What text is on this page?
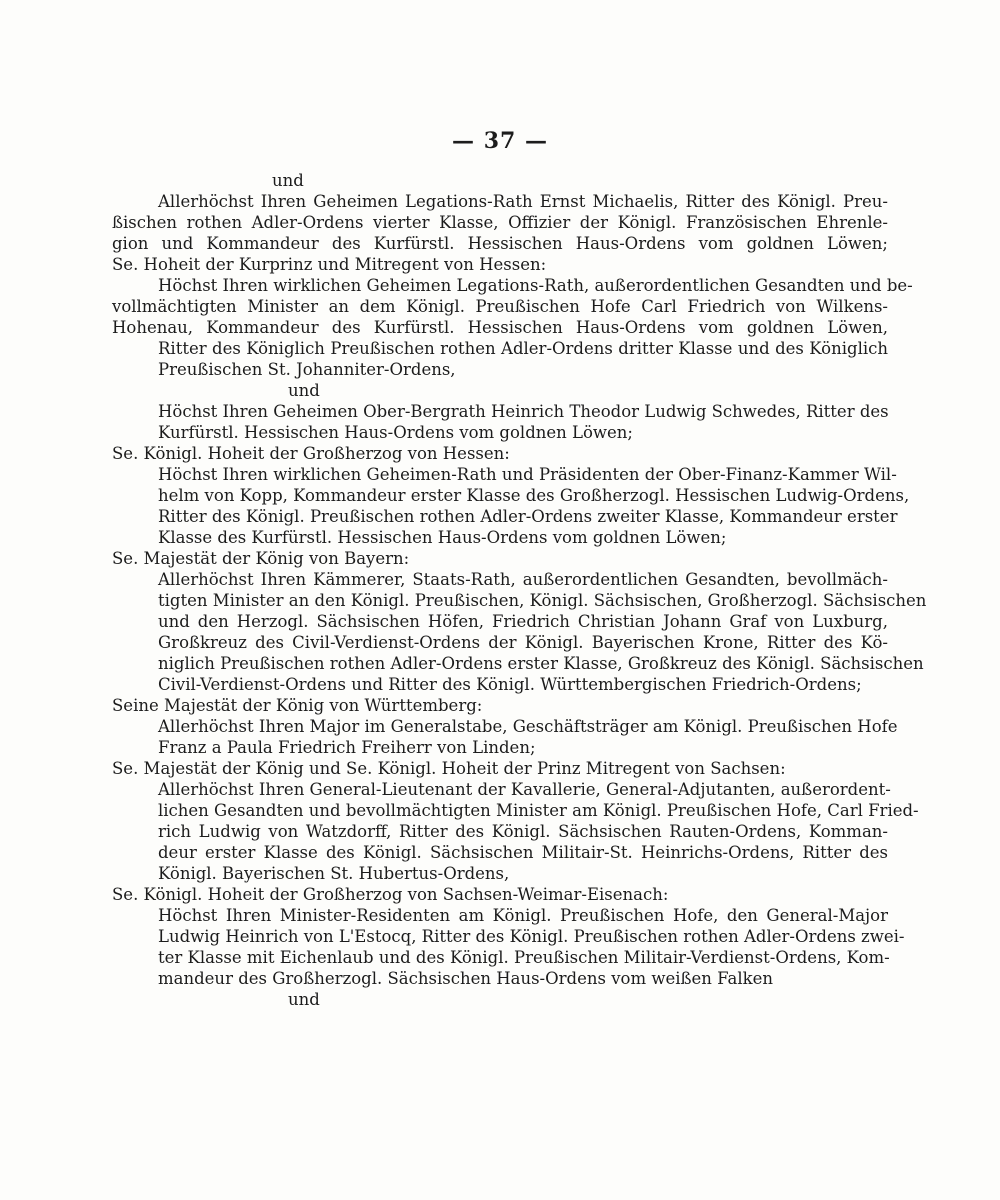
— 37 —
und
Allerhöchst Ihren Geheimen Legations-Rath Ernst Michaelis, Ritter des Königl. Preu-
ßischen rothen Adler-Ordens vierter Klasse, Offizier der Königl. Französischen Ehrenle-
gion und Kommandeur des Kurfürstl. Hessischen Haus-Ordens vom goldnen Löwen;
Se. Hoheit der Kurprinz und Mitregent von Hessen:
Höchst Ihren wirklichen Geheimen Legations-Rath, außerordentlichen Gesandten und be-
vollmächtigten Minister an dem Königl. Preußischen Hofe Carl Friedrich von Wilkens-
Hohenau, Kommandeur des Kurfürstl. Hessischen Haus-Ordens vom goldnen Löwen,
Ritter des Königlich Preußischen rothen Adler-Ordens dritter Klasse und des Königlich
Preußischen St. Johanniter-Ordens,
und
Höchst Ihren Geheimen Ober-Bergrath Heinrich Theodor Ludwig Schwedes, Ritter des
Kurfürstl. Hessischen Haus-Ordens vom goldnen Löwen;
Se. Königl. Hoheit der Großherzog von Hessen:
Höchst Ihren wirklichen Geheimen-Rath und Präsidenten der Ober-Finanz-Kammer Wil-
helm von Kopp, Kommandeur erster Klasse des Großherzogl. Hessischen Ludwig-Ordens,
Ritter des Königl. Preußischen rothen Adler-Ordens zweiter Klasse, Kommandeur erster
Klasse des Kurfürstl. Hessischen Haus-Ordens vom goldnen Löwen;
Se. Majestät der König von Bayern:
Allerhöchst Ihren Kämmerer, Staats-Rath, außerordentlichen Gesandten, bevollmäch-
tigten Minister an den Königl. Preußischen, Königl. Sächsischen, Großherzogl. Sächsischen
und den Herzogl. Sächsischen Höfen, Friedrich Christian Johann Graf von Luxburg,
Großkreuz des Civil-Verdienst-Ordens der Königl. Bayerischen Krone, Ritter des Kö-
niglich Preußischen rothen Adler-Ordens erster Klasse, Großkreuz des Königl. Sächsischen
Civil-Verdienst-Ordens und Ritter des Königl. Württembergischen Friedrich-Ordens;
Seine Majestät der König von Württemberg:
Allerhöchst Ihren Major im Generalstabe, Geschäftsträger am Königl. Preußischen Hofe
Franz a Paula Friedrich Freiherr von Linden;
Se. Majestät der König und Se. Königl. Hoheit der Prinz Mitregent von Sachsen:
Allerhöchst Ihren General-Lieutenant der Kavallerie, General-Adjutanten, außerordent-
lichen Gesandten und bevollmächtigten Minister am Königl. Preußischen Hofe, Carl Fried-
rich Ludwig von Watzdorff, Ritter des Königl. Sächsischen Rauten-Ordens, Komman-
deur erster Klasse des Königl. Sächsischen Militair-St. Heinrichs-Ordens, Ritter des
Königl. Bayerischen St. Hubertus-Ordens,
Se. Königl. Hoheit der Großherzog von Sachsen-Weimar-Eisenach:
Höchst Ihren Minister-Residenten am Königl. Preußischen Hofe, den General-Major
Ludwig Heinrich von L'Estocq, Ritter des Königl. Preußischen rothen Adler-Ordens zwei-
ter Klasse mit Eichenlaub und des Königl. Preußischen Militair-Verdienst-Ordens, Kom-
mandeur des Großherzogl. Sächsischen Haus-Ordens vom weißen Falken
und
